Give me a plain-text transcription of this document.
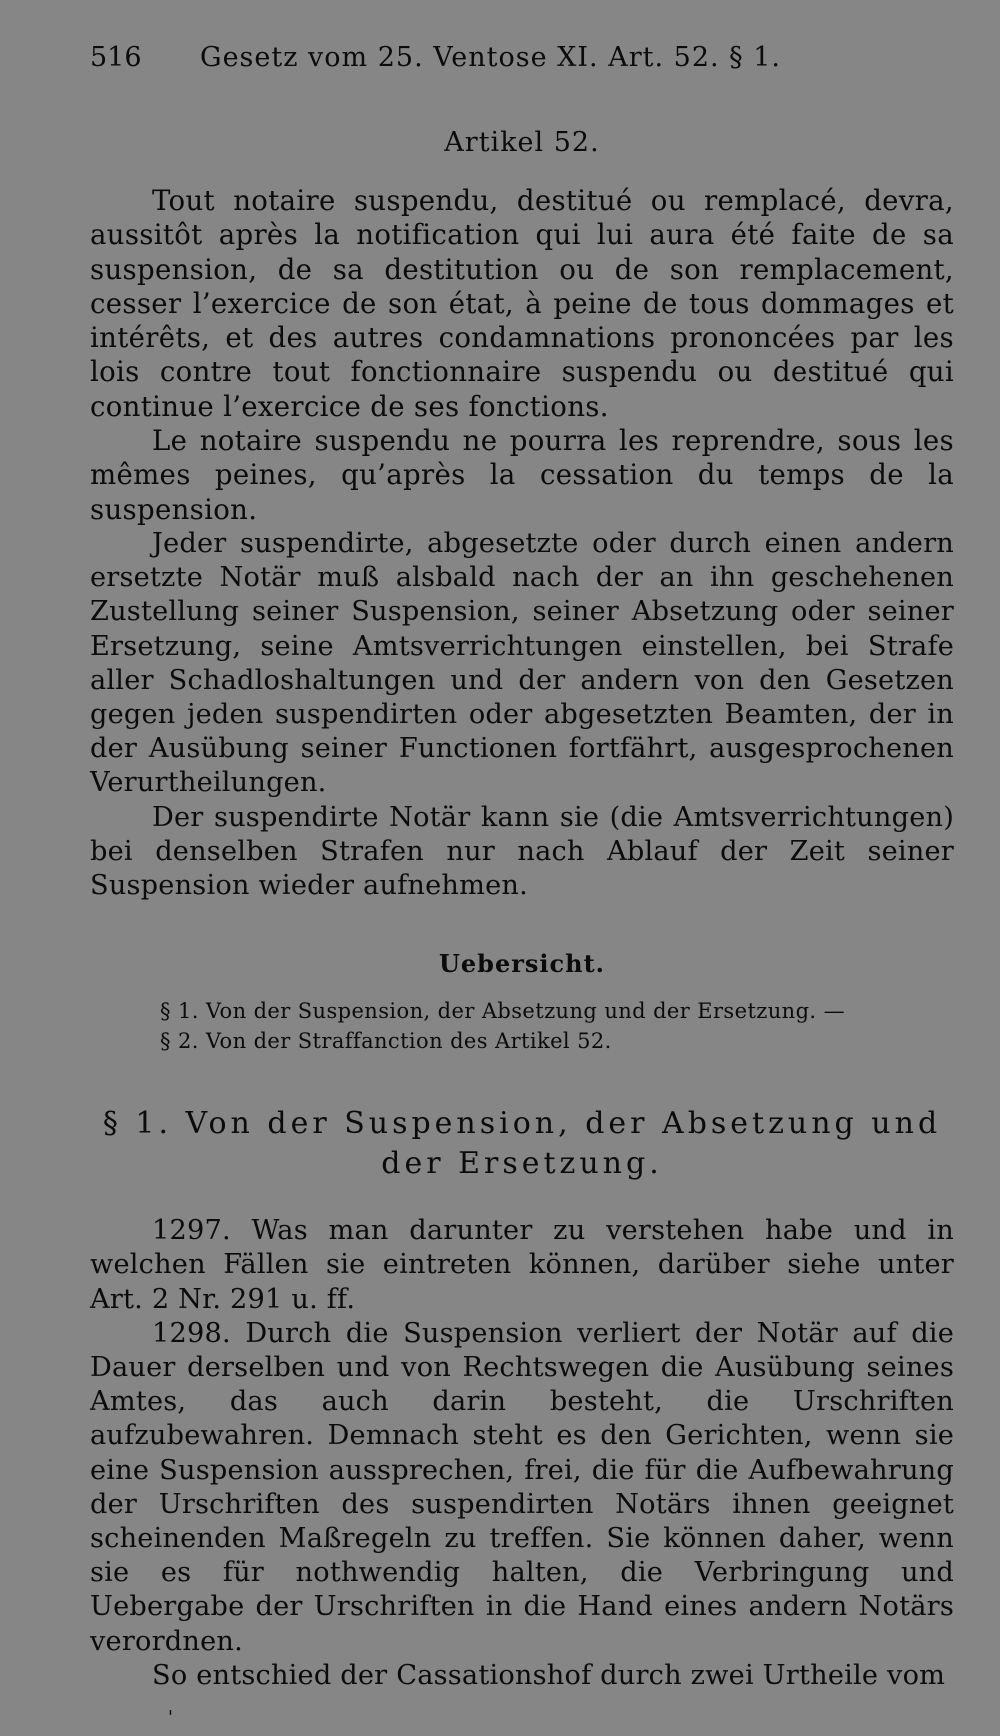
516	Gesetz vom 25. Ventose XI. Art. 52. § 1.
Artikel 52.

Tout notaire suspendu, destitué ou remplacé, devra, aussitôt après la notification qui lui aura été faite de sa suspension, de sa destitution ou de son remplacement, cesser l’exercice de son état, à peine de tous dommages et intérêts, et des autres condamnations prononcées par les lois contre tout fonctionnaire suspendu ou destitué qui continue l’exercice de ses fonctions.

Le notaire suspendu ne pourra les reprendre, sous les mêmes peines, qu’après la cessation du temps de la suspension.

Jeder suspendirte, abgesetzte oder durch einen andern ersetzte Notär muß alsbald nach der an ihn geschehenen Zustellung seiner Suspension, seiner Absetzung oder seiner Ersetzung, seine Amtsverrichtungen einstellen, bei Strafe aller Schadloshaltungen und der andern von den Gesetzen gegen jeden suspendirten oder abgesetzten Beamten, der in der Ausübung seiner Functionen fortfährt, ausgesprochenen Verurtheilungen.

Der suspendirte Notär kann sie (die Amtsverrichtungen) bei denselben Strafen nur nach Ablauf der Zeit seiner Suspension wieder aufnehmen.

Uebersicht.
§ 1. Von der Suspension, der Absetzung und der Ersetzung. —
§ 2. Von der Straffanction des Artikel 52.
§ 1. Von der Suspension, der Absetzung und
der Ersetzung.

1297. Was man darunter zu verstehen habe und in welchen Fällen sie eintreten können, darüber siehe unter Art. 2 Nr. 291 u. ff.

1298. Durch die Suspension verliert der Notär auf die Dauer derselben und von Rechtswegen die Ausübung seines Amtes, das auch darin besteht, die Urschriften aufzubewahren. Demnach steht es den Gerichten, wenn sie eine Suspension aussprechen, frei, die für die Aufbewahrung der Urschriften des suspendirten Notärs ihnen geeignet scheinenden Maßregeln zu treffen. Sie können daher, wenn sie es für nothwendig halten, die Verbringung und Uebergabe der Urschriften in die Hand eines andern Notärs verordnen.

So entschied der Cassationshof durch zwei Urtheile vom

'
